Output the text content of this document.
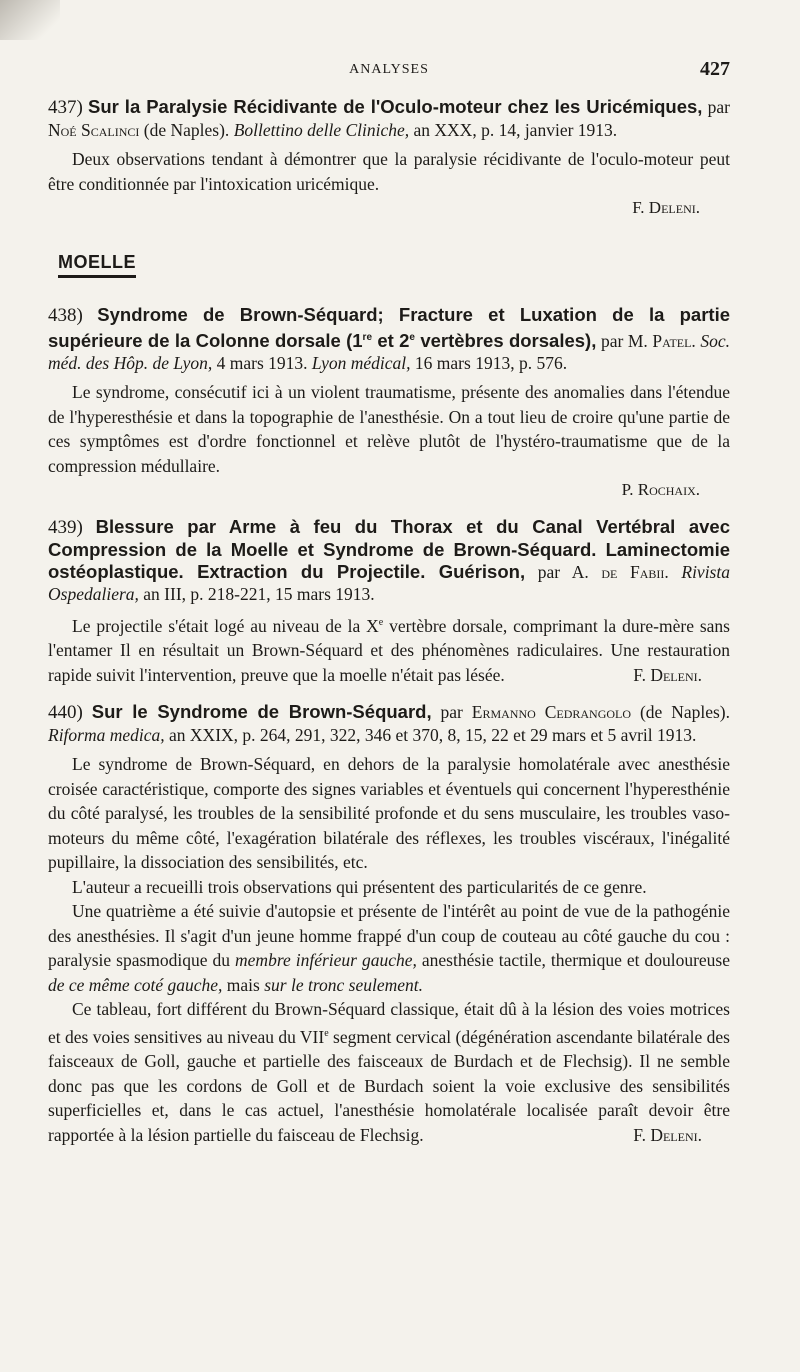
ANALYSES	427

437) Sur la Paralysie Récidivante de l'Oculo-moteur chez les Uricémiques, par Noé Scalinci (de Naples). Bollettino delle Cliniche, an XXX, p. 14, janvier 1913.

Deux observations tendant à démontrer que la paralysie récidivante de l'oculo-moteur peut être conditionnée par l'intoxication uricémique.

F. Deleni.

MOELLE

438) Syndrome de Brown-Séquard; Fracture et Luxation de la partie supérieure de la Colonne dorsale (1re et 2e vertèbres dorsales), par M. Patel. Soc. méd. des Hôp. de Lyon, 4 mars 1913. Lyon médical, 16 mars 1913, p. 576.

Le syndrome, consécutif ici à un violent traumatisme, présente des anomalies dans l'étendue de l'hyperesthésie et dans la topographie de l'anesthésie. On a tout lieu de croire qu'une partie de ces symptômes est d'ordre fonctionnel et relève plutôt de l'hystéro-traumatisme que de la compression médullaire.

P. Rochaix.

439) Blessure par Arme à feu du Thorax et du Canal Vertébral avec Compression de la Moelle et Syndrome de Brown-Séquard. Laminectomie ostéoplastique. Extraction du Projectile. Guérison, par A. de Fabii. Rivista Ospedaliera, an III, p. 218-221, 15 mars 1913.

Le projectile s'était logé au niveau de la Xe vertèbre dorsale, comprimant la dure-mère sans l'entamer Il en résultait un Brown-Séquard et des phénomènes radiculaires. Une restauration rapide suivit l'intervention, preuve que la moelle n'était pas lésée.	F. Deleni.

440) Sur le Syndrome de Brown-Séquard, par Ermanno Cedrangolo (de Naples). Riforma medica, an XXIX, p. 264, 291, 322, 346 et 370, 8, 15, 22 et 29 mars et 5 avril 1913.

Le syndrome de Brown-Séquard, en dehors de la paralysie homolatérale avec anesthésie croisée caractéristique, comporte des signes variables et éventuels qui concernent l'hyperesthénie du côté paralysé, les troubles de la sensibilité profonde et du sens musculaire, les troubles vaso-moteurs du même côté, l'exagération bilatérale des réflexes, les troubles viscéraux, l'inégalité pupillaire, la dissociation des sensibilités, etc.

L'auteur a recueilli trois observations qui présentent des particularités de ce genre.

Une quatrième a été suivie d'autopsie et présente de l'intérêt au point de vue de la pathogénie des anesthésies. Il s'agit d'un jeune homme frappé d'un coup de couteau au côté gauche du cou : paralysie spasmodique du membre inférieur gauche, anesthésie tactile, thermique et douloureuse de ce même coté gauche, mais sur le tronc seulement.

Ce tableau, fort différent du Brown-Séquard classique, était dû à la lésion des voies motrices et des voies sensitives au niveau du VIIe segment cervical (dégénération ascendante bilatérale des faisceaux de Goll, gauche et partielle des faisceaux de Burdach et de Flechsig). Il ne semble donc pas que les cordons de Goll et de Burdach soient la voie exclusive des sensibilités superficielles et, dans le cas actuel, l'anesthésie homolatérale localisée paraît devoir être rapportée à la lésion partielle du faisceau de Flechsig.	F. Deleni.
